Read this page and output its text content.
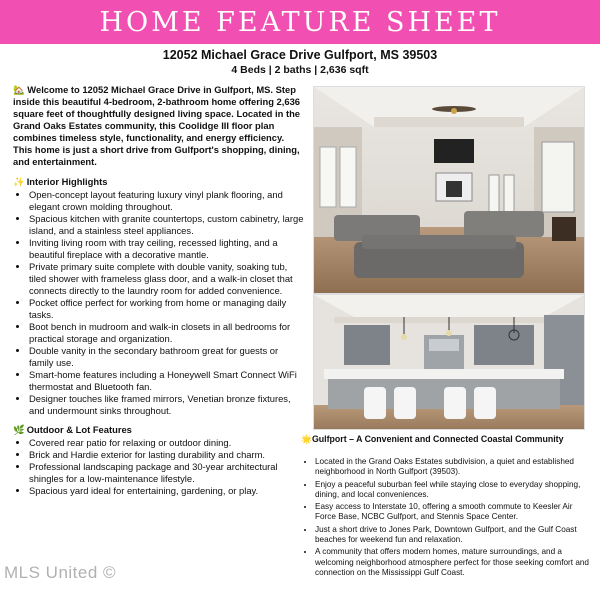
HOME FEATURE SHEET
12052 Michael Grace Drive Gulfport, MS 39503
4 Beds | 2 baths | 2,636 sqft

🏡 Welcome to 12052 Michael Grace Drive in Gulfport, MS. Step inside this beautiful 4-bedroom, 2-bathroom home offering 2,636 square feet of thoughtfully designed living space. Located in the Grand Oaks Estates community, this Coolidge III floor plan combines timeless style, functionality, and energy efficiency. This home is just a short drive from Gulfport's shopping, dining, and entertainment.

✨ Interior Highlights
• Open-concept layout featuring luxury vinyl plank flooring, and elegant crown molding throughout.
• Spacious kitchen with granite countertops, custom cabinetry, large island, and a stainless steel appliances.
• Inviting living room with tray ceiling, recessed lighting, and a beautiful fireplace with a decorative mantle.
• Private primary suite complete with double vanity, soaking tub, tiled shower with frameless glass door, and a walk-in closet that connects directly to the laundry room for added convenience.
• Pocket office perfect for working from home or managing daily tasks.
• Boot bench in mudroom and walk-in closets in all bedrooms for practical storage and organization.
• Double vanity in the secondary bathroom great for guests or family use.
• Smart-home features including a Honeywell Smart Connect WiFi thermostat and Bluetooth fan.
• Designer touches like framed mirrors, Venetian bronze fixtures, and undermount sinks throughout.
🌿 Outdoor & Lot Features
• Covered rear patio for relaxing or outdoor dining.
• Brick and Hardie exterior for lasting durability and charm.
• Professional landscaping package and 30-year architectural shingles for a low-maintenance lifestyle.
• Spacious yard ideal for entertaining, gardening, or play.
🌟Gulfport – A Convenient and Connected Coastal Community
• Located in the Grand Oaks Estates subdivision, a quiet and established neighborhood in North Gulfport (39503).
• Enjoy a peaceful suburban feel while staying close to everyday shopping, dining, and local conveniences.
• Easy access to Interstate 10, offering a smooth commute to Keesler Air Force Base, NCBC Gulfport, and Stennis Space Center.
• Just a short drive to Jones Park, Downtown Gulfport, and the Gulf Coast beaches for weekend fun and relaxation.
• A community that offers modern homes, mature surroundings, and a welcoming neighborhood atmosphere perfect for those seeking comfort and connection on the Mississippi Gulf Coast.
MLS United ©
